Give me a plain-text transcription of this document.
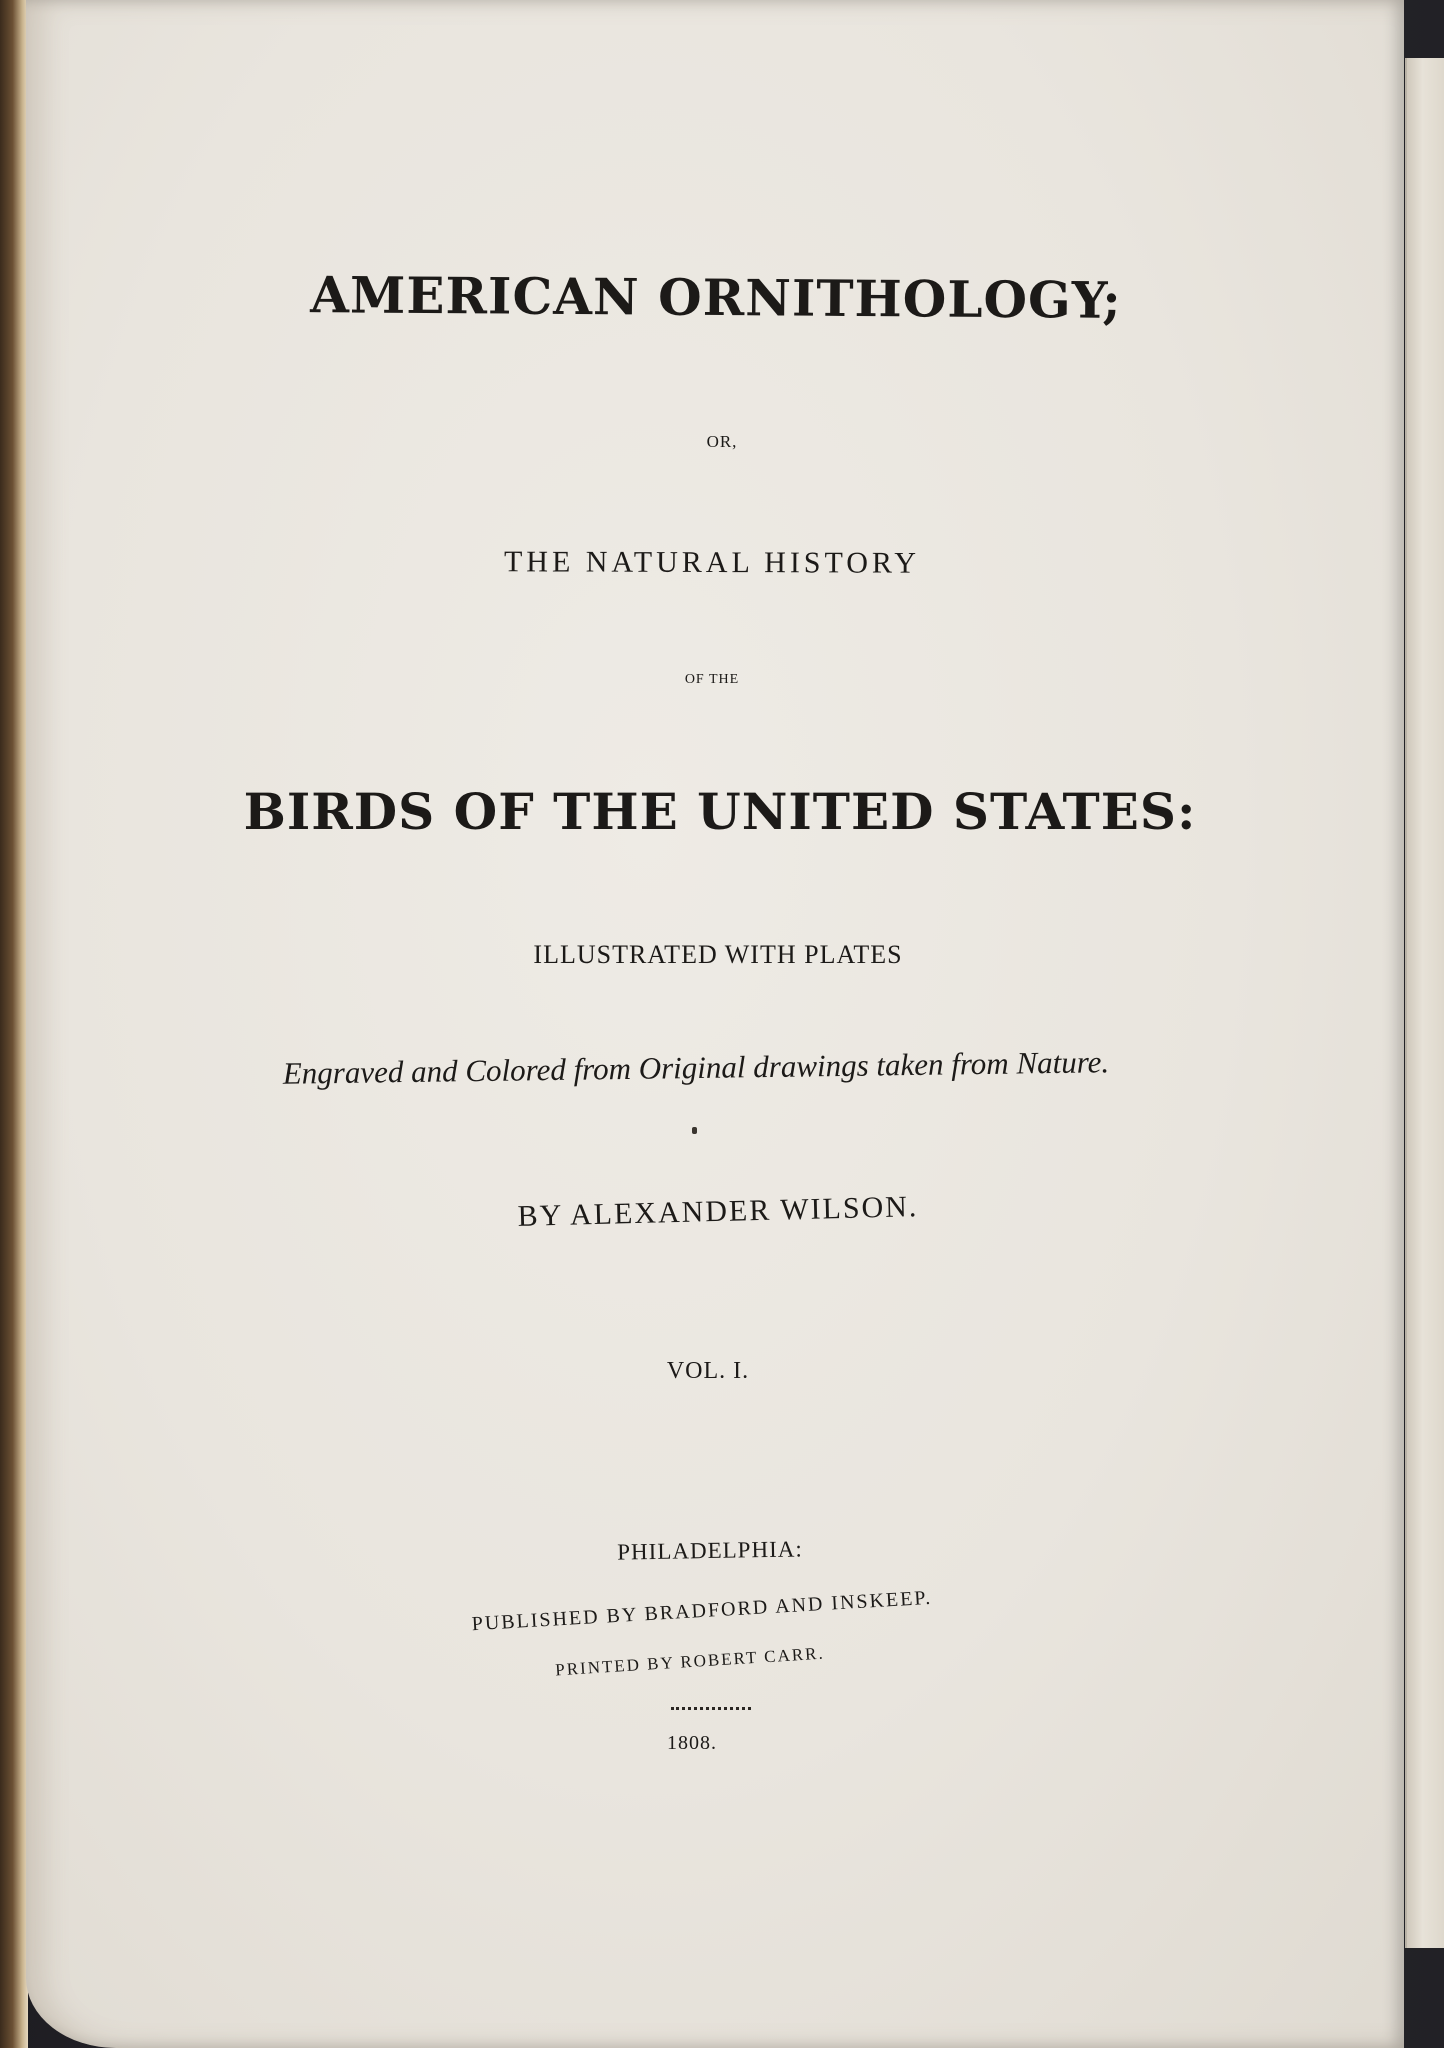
AMERICAN ORNITHOLOGY;
OR,
THE NATURAL HISTORY
OF THE
BIRDS OF THE UNITED STATES:
ILLUSTRATED WITH PLATES
Engraved and Colored from Original drawings taken from Nature.
BY ALEXANDER WILSON.
VOL. I.
PHILADELPHIA:
PUBLISHED BY BRADFORD AND INSKEEP.
PRINTED BY ROBERT CARR.
1808.
